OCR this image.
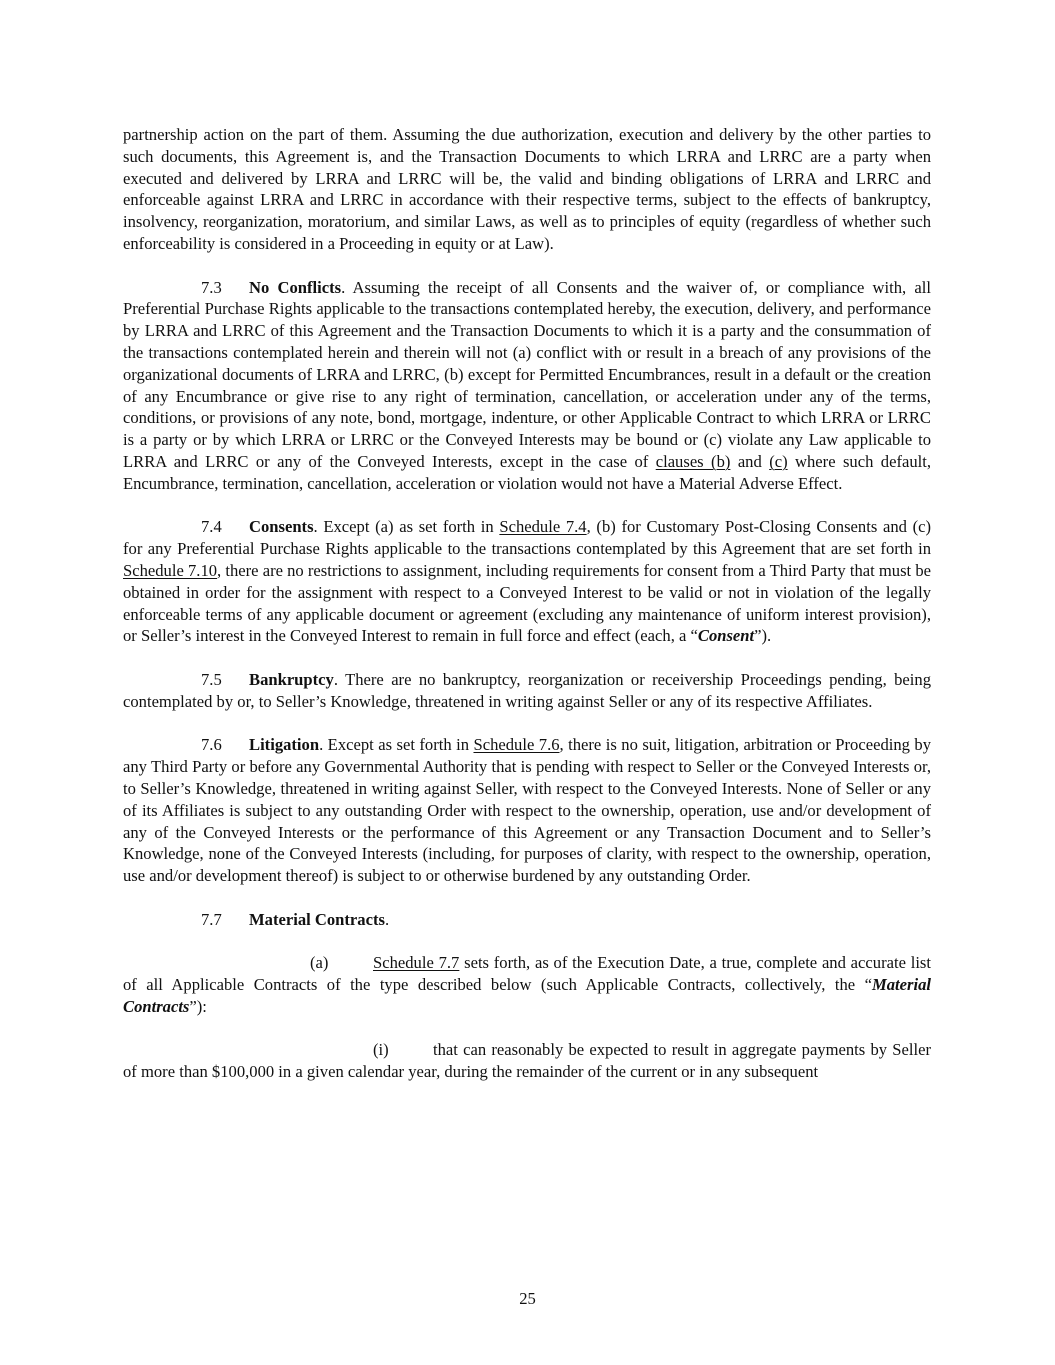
partnership action on the part of them. Assuming the due authorization, execution and delivery by the other parties to such documents, this Agreement is, and the Transaction Documents to which LRRA and LRRC are a party when executed and delivered by LRRA and LRRC will be, the valid and binding obligations of LRRA and LRRC and enforceable against LRRA and LRRC in accordance with their respective terms, subject to the effects of bankruptcy, insolvency, reorganization, moratorium, and similar Laws, as well as to principles of equity (regardless of whether such enforceability is considered in a Proceeding in equity or at Law).

7.3 No Conflicts. Assuming the receipt of all Consents and the waiver of, or compliance with, all Preferential Purchase Rights applicable to the transactions contemplated hereby, the execution, delivery, and performance by LRRA and LRRC of this Agreement and the Transaction Documents to which it is a party and the consummation of the transactions contemplated herein and therein will not (a) conflict with or result in a breach of any provisions of the organizational documents of LRRA and LRRC, (b) except for Permitted Encumbrances, result in a default or the creation of any Encumbrance or give rise to any right of termination, cancellation, or acceleration under any of the terms, conditions, or provisions of any note, bond, mortgage, indenture, or other Applicable Contract to which LRRA or LRRC is a party or by which LRRA or LRRC or the Conveyed Interests may be bound or (c) violate any Law applicable to LRRA and LRRC or any of the Conveyed Interests, except in the case of clauses (b) and (c) where such default, Encumbrance, termination, cancellation, acceleration or violation would not have a Material Adverse Effect.

7.4 Consents. Except (a) as set forth in Schedule 7.4, (b) for Customary Post-Closing Consents and (c) for any Preferential Purchase Rights applicable to the transactions contemplated by this Agreement that are set forth in Schedule 7.10, there are no restrictions to assignment, including requirements for consent from a Third Party that must be obtained in order for the assignment with respect to a Conveyed Interest to be valid or not in violation of the legally enforceable terms of any applicable document or agreement (excluding any maintenance of uniform interest provision), or Seller’s interest in the Conveyed Interest to remain in full force and effect (each, a “Consent”).

7.5 Bankruptcy. There are no bankruptcy, reorganization or receivership Proceedings pending, being contemplated by or, to Seller’s Knowledge, threatened in writing against Seller or any of its respective Affiliates.

7.6 Litigation. Except as set forth in Schedule 7.6, there is no suit, litigation, arbitration or Proceeding by any Third Party or before any Governmental Authority that is pending with respect to Seller or the Conveyed Interests or, to Seller’s Knowledge, threatened in writing against Seller, with respect to the Conveyed Interests. None of Seller or any of its Affiliates is subject to any outstanding Order with respect to the ownership, operation, use and/or development of any of the Conveyed Interests or the performance of this Agreement or any Transaction Document and to Seller’s Knowledge, none of the Conveyed Interests (including, for purposes of clarity, with respect to the ownership, operation, use and/or development thereof) is subject to or otherwise burdened by any outstanding Order.

7.7 Material Contracts.

(a)	Schedule 7.7 sets forth, as of the Execution Date, a true, complete and accurate list of all Applicable Contracts of the type described below (such Applicable Contracts, collectively, the “Material Contracts”):

(i)	that can reasonably be expected to result in aggregate payments by Seller of more than $100,000 in a given calendar year, during the remainder of the current or in any subsequent

25
